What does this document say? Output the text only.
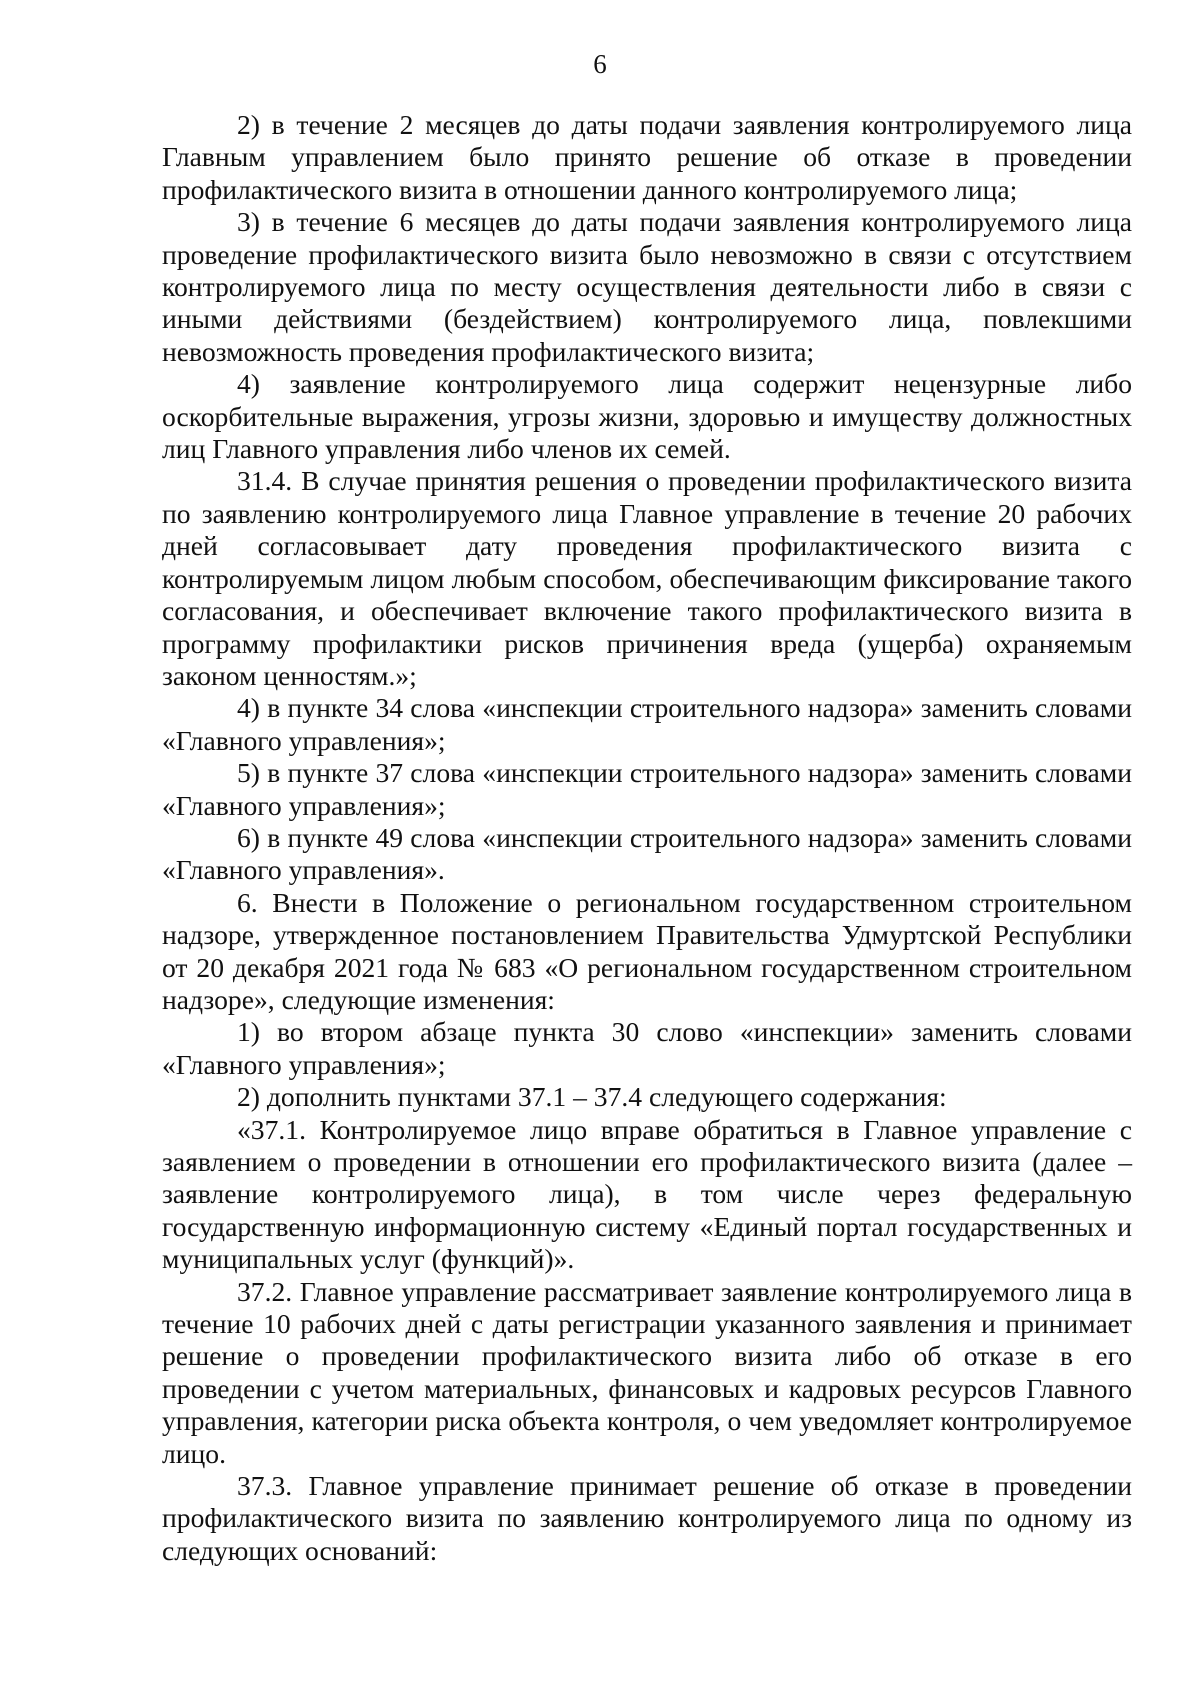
6

2) в течение 2 месяцев до даты подачи заявления контролируемого лица Главным управлением было принято решение об отказе в проведении профилактического визита в отношении данного контролируемого лица;

3) в течение 6 месяцев до даты подачи заявления контролируемого лица проведение профилактического визита было невозможно в связи с отсутствием контролируемого лица по месту осуществления деятельности либо в связи с иными действиями (бездействием) контролируемого лица, повлекшими невозможность проведения профилактического визита;

4) заявление контролируемого лица содержит нецензурные либо оскорбительные выражения, угрозы жизни, здоровью и имуществу должностных лиц Главного управления либо членов их семей.

31.4. В случае принятия решения о проведении профилактического визита по заявлению контролируемого лица Главное управление в течение 20 рабочих дней согласовывает дату проведения профилактического визита с контролируемым лицом любым способом, обеспечивающим фиксирование такого согласования, и обеспечивает включение такого профилактического визита в программу профилактики рисков причинения вреда (ущерба) охраняемым законом ценностям.»;

4) в пункте 34 слова «инспекции строительного надзора» заменить словами «Главного управления»;

5) в пункте 37 слова «инспекции строительного надзора» заменить словами «Главного управления»;

6) в пункте 49 слова «инспекции строительного надзора» заменить словами «Главного управления».

6. Внести в Положение о региональном государственном строительном надзоре, утвержденное постановлением Правительства Удмуртской Республики от 20 декабря 2021 года № 683 «О региональном государственном строительном надзоре», следующие изменения:

1) во втором абзаце пункта 30 слово «инспекции» заменить словами «Главного управления»;

2) дополнить пунктами 37.1 – 37.4 следующего содержания:

«37.1. Контролируемое лицо вправе обратиться в Главное управление с заявлением о проведении в отношении его профилактического визита (далее – заявление контролируемого лица), в том числе через федеральную государственную информационную систему «Единый портал государственных и муниципальных услуг (функций)».

37.2. Главное управление рассматривает заявление контролируемого лица в течение 10 рабочих дней с даты регистрации указанного заявления и принимает решение о проведении профилактического визита либо об отказе в его проведении с учетом материальных, финансовых и кадровых ресурсов Главного управления, категории риска объекта контроля, о чем уведомляет контролируемое лицо.

37.3. Главное управление принимает решение об отказе в проведении профилактического визита по заявлению контролируемого лица по одному из следующих оснований:
